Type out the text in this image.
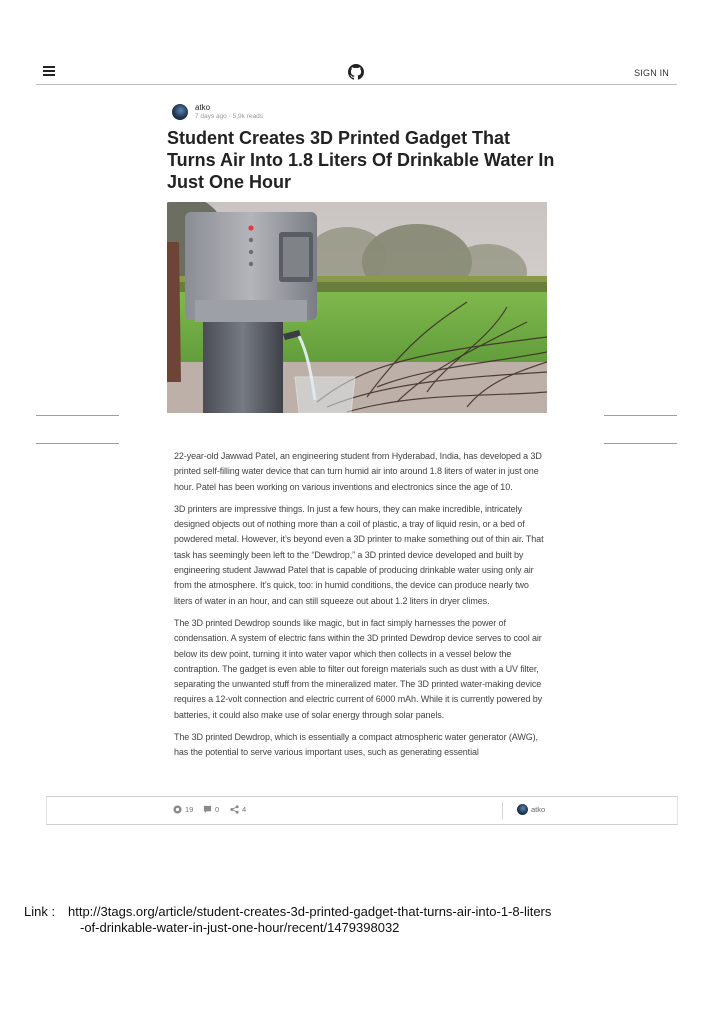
SIGN IN
atko
7 days ago · 5,9k reads
Student Creates 3D Printed Gadget That Turns Air Into 1.8 Liters Of Drinkable Water In Just One Hour

22-year-old Jawwad Patel, an engineering student from Hyderabad, India, has developed a 3D printed self-filling water device that can turn humid air into around 1.8 liters of water in just one hour. Patel has been working on various inventions and electronics since the age of 10.

3D printers are impressive things. In just a few hours, they can make incredible, intricately designed objects out of nothing more than a coil of plastic, a tray of liquid resin, or a bed of powdered metal. However, it’s beyond even a 3D printer to make something out of thin air. That task has seemingly been left to the “Dewdrop,” a 3D printed device developed and built by engineering student Jawwad Patel that is capable of producing drinkable water using only air from the atmosphere. It’s quick, too: in humid conditions, the device can produce nearly two liters of water in an hour, and can still squeeze out about 1.2 liters in dryer climes.

The 3D printed Dewdrop sounds like magic, but in fact simply harnesses the power of condensation. A system of electric fans within the 3D printed Dewdrop device serves to cool air below its dew point, turning it into water vapor which then collects in a vessel below the contraption. The gadget is even able to filter out foreign materials such as dust with a UV filter, separating the unwanted stuff from the mineralized mater. The 3D printed water-making device requires a 12-volt connection and electric current of 6000 mAh. While it is currently powered by batteries, it could also make use of solar energy through solar panels.

The 3D printed Dewdrop, which is essentially a compact atmospheric water generator (AWG), has the potential to serve various important uses, such as generating essential

19	0	4	atko
Link : http://3tags.org/article/student-creates-3d-printed-gadget-that-turns-air-into-1-8-liters
-of-drinkable-water-in-just-one-hour/recent/1479398032
